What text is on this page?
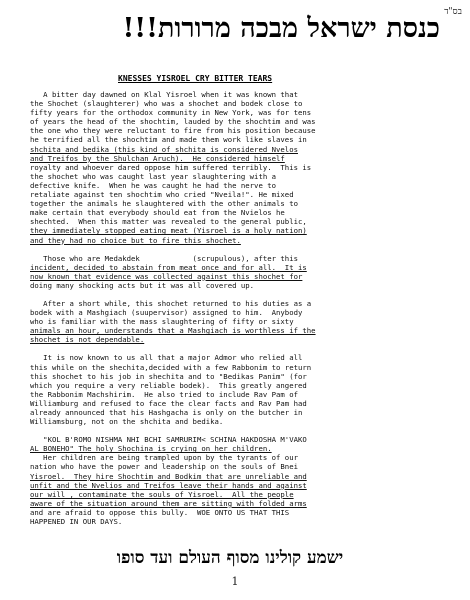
בס"ד
כנסת ישראל מבכה מרורות!!!
KNESSES YISROEL CRY BITTER TEARS
A bitter day dawned on Klal Yisroel when it was known that
the Shochet (slaughterer) who was a shochet and bodek close to
fifty years for the orthodox community in New York, was for tens
of years the head of the shochtim, lauded by the shochtim and was
the one who they were reluctant to fire from his position because
he terrified all the shochtim and made them work like slaves in
shchita and bedika (this kind of shchita is considered Nvelos
and Treifos by the Shulchan Aruch).  He considered himself
royalty and whoever dared oppose him suffered terribly.  This is
the shochet who was caught last year slaughtering with a
defective knife.  When he was caught he had the nerve to
retaliate against ten shochtim who cried "Nveila!". He mixed
together the animals he slaughtered with the other animals to
make certain that everybody should eat from the Nvielos he
shechted.  When this matter was revealed to the general public,
they immediately stopped eating meat (Yisroel is a holy nation)
and they had no choice but to fire this shochet.
Those who are Medakdek            (scrupulous), after this
incident, decided to abstain from meat once and for all.  It is
now known that evidence was collected against this shochet for
doing many shocking acts but it was all covered up.
After a short while, this shochet returned to his duties as a
bodek with a Mashgiach (suupervisor) assigned to him.  Anybody
who is familiar with the mass slaughtering of fifty or sixty
animals an hour, understands that a Mashgiach is worthless if the
shochet is not dependable.
It is now known to us all that a major Admor who relied all
this while on the shechita,decided with a few Rabbonim to return
this shochet to his job in shechita and to "Bedikas Panim" (for
which you require a very reliable bodek).  This greatly angered
the Rabbonim Machshirim.  He also tried to include Rav Pam of
Williamburg and refused to face the clear facts and Rav Pam had
already announced that his Hashgacha is only on the butcher in
Williamsburg, not on the shchita and bedika.
"KOL B'ROMO NISHMA NHI BCHI SAMRURIM< SCHINA HAKDOSHA M'VAKO
AL BONEHO" The holy Shochina is crying on her children.
Her children are being trampled upon by the tyrants of our
nation who have the power and leadership on the souls of Bnei
Yisroel.  They hire Shochtim and Bodkim that are unreliable and
unfit and the Nvelios and Treifos leave their hands and against
our will , contaminate the souls of Yisroel.  All the people
aware of the situation around them are sitting with folded arms
and are afraid to oppose this bully.  WOE ONTO US THAT THIS
HAPPENED IN OUR DAYS.
ישמע קולינו מסוף העולם ועד סופו
1
